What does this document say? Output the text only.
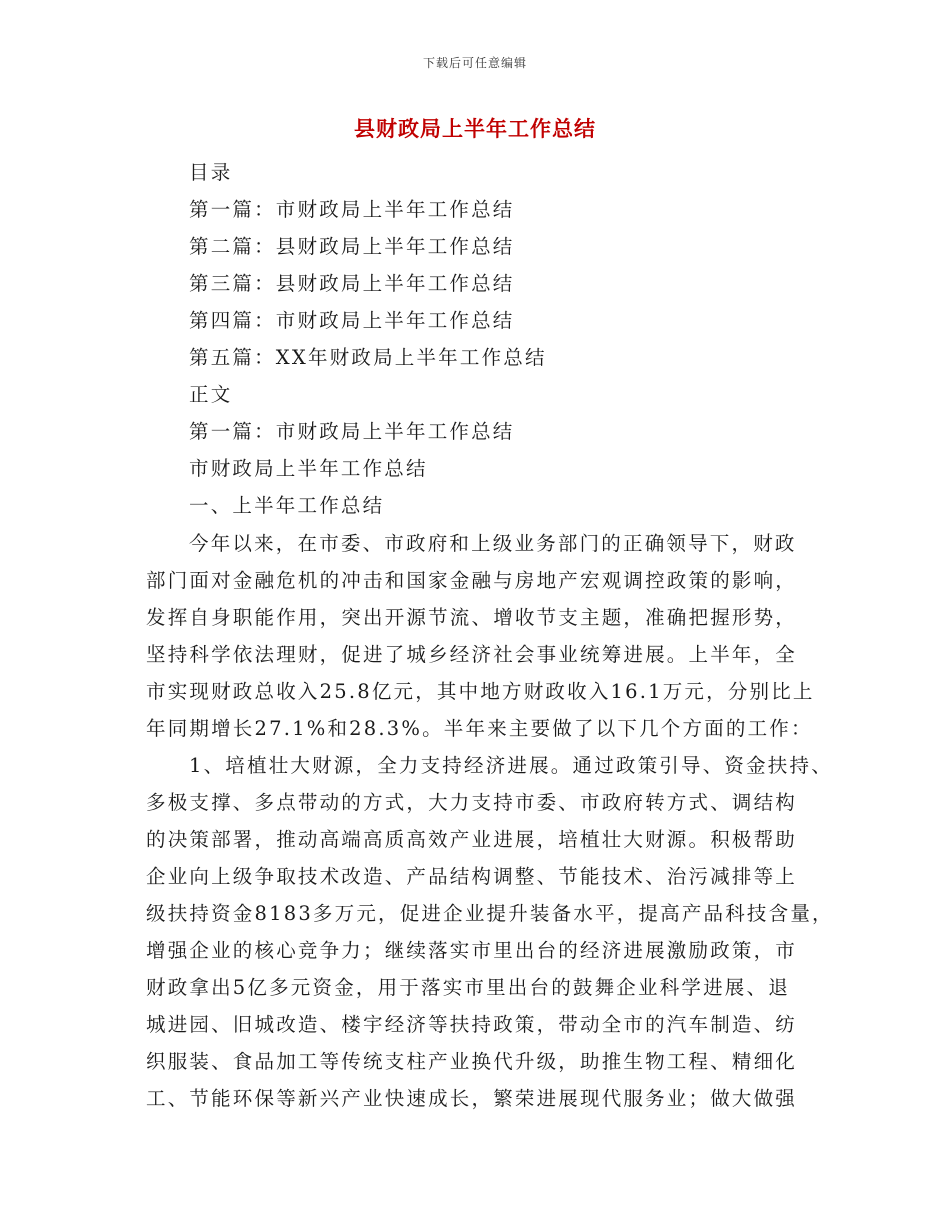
下载后可任意编辑
县财政局上半年工作总结
目录
第一篇：市财政局上半年工作总结
第二篇：县财政局上半年工作总结
第三篇：县财政局上半年工作总结
第四篇：市财政局上半年工作总结
第五篇：XX年财政局上半年工作总结
正文
第一篇：市财政局上半年工作总结
市财政局上半年工作总结
一、上半年工作总结
今年以来，在市委、市政府和上级业务部门的正确领导下，财政
部门面对金融危机的冲击和国家金融与房地产宏观调控政策的影响，
发挥自身职能作用，突出开源节流、增收节支主题，准确把握形势，
坚持科学依法理财，促进了城乡经济社会事业统筹进展。上半年，全
市实现财政总收入25.8亿元，其中地方财政收入16.1万元，分别比上
年同期增长27.1%和28.3%。半年来主要做了以下几个方面的工作：
1、培植壮大财源，全力支持经济进展。通过政策引导、资金扶持、
多极支撑、多点带动的方式，大力支持市委、市政府转方式、调结构
的决策部署，推动高端高质高效产业进展，培植壮大财源。积极帮助
企业向上级争取技术改造、产品结构调整、节能技术、治污减排等上
级扶持资金8183多万元，促进企业提升装备水平，提高产品科技含量，
增强企业的核心竞争力；继续落实市里出台的经济进展激励政策，市
财政拿出5亿多元资金，用于落实市里出台的鼓舞企业科学进展、退
城进园、旧城改造、楼宇经济等扶持政策，带动全市的汽车制造、纺
织服装、食品加工等传统支柱产业换代升级，助推生物工程、精细化
工、节能环保等新兴产业快速成长，繁荣进展现代服务业；做大做强
